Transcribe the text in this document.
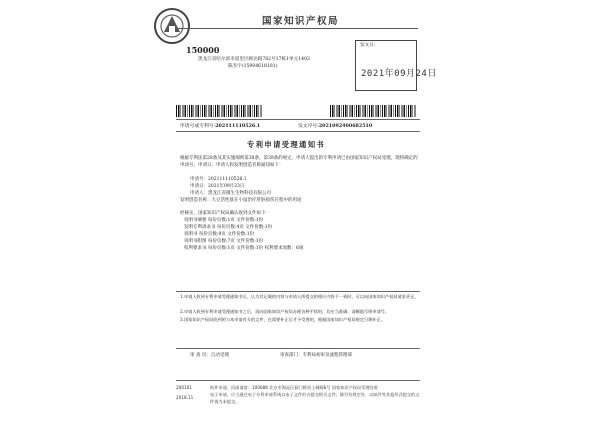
国家知识产权局
150000
黑龙江省哈尔滨市道里区顾达路782号17栋1单元1403
陈杰宇(15904618181)
发文日:
2021年09月24日
申请号或专利号:202111110526.1	发文序号:2021092400682510
专利申请受理通知书
根据专利法第28条及其实施细则第38条、第39条的规定，申请人提出的专利申请已由国家知识产权局受理。现将确定的申请号、申请日、申请人和发明创造名称通知如下：
申请号：202111110526.1
申请日：2021年09月23日
申请人：黑龙江省微生生物科技有限公司
发明创造名称：大豆活性肽在小鼠治疗肝脏损伤过程中的用途
经核实，国家知识产权局确认收到文件如下：
说明书摘要 每份页数:1页 文件份数:1份
发明专利请求书 每份页数:4页 文件份数:1份
说明书 每份页数:9页 文件份数:1份
说明书附图 每份页数:7页 文件份数:1份
权利要求书 每份页数:1页 文件份数:1份 权利要求项数：6项
1.申请人收到专利申请受理通知书后，认为其记载的内容与申请人所提交的相应内容不一致时，可以向国家知识产权局请求更正。
2.申请人收到专利申请受理通知书之后，再向国家知识产权局办理各种手续时，均应当准确、清晰地写明申请号。
3.国家知识产权局收到的与本申请有关的文件，在需要补正后才予受理的，根据国家知识产权局规定日期补正。
审 查 员：自动受理	审查部门：专利局初审及流程管理部
200101
2018.11
纸件申请，回函请寄：100088 北京市海淀区蓟门桥西土城路6号 国家知识产权局受理处收
电子申请，应当通过电子专利申请系统以电子文件形式提交相关文件。除另有规定外，以纸件等其他形式提交的文件视为未提交。
